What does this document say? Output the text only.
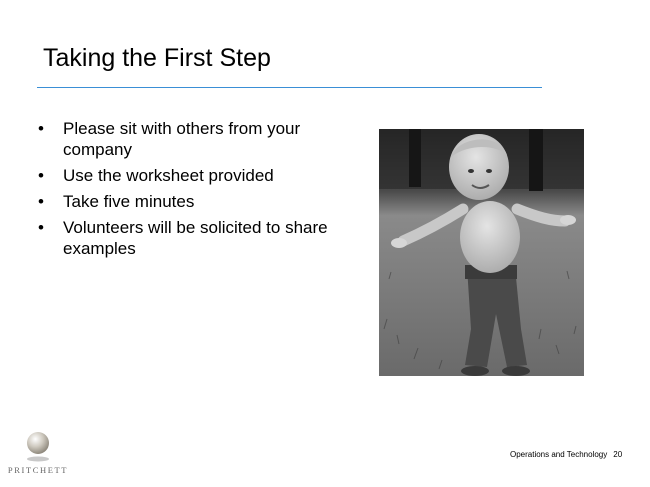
Taking the First Step
• Please sit with others from your company
• Use the worksheet provided
• Take five minutes
• Volunteers will be solicited to share examples
Operations and Technology 20
PRITCHETT
